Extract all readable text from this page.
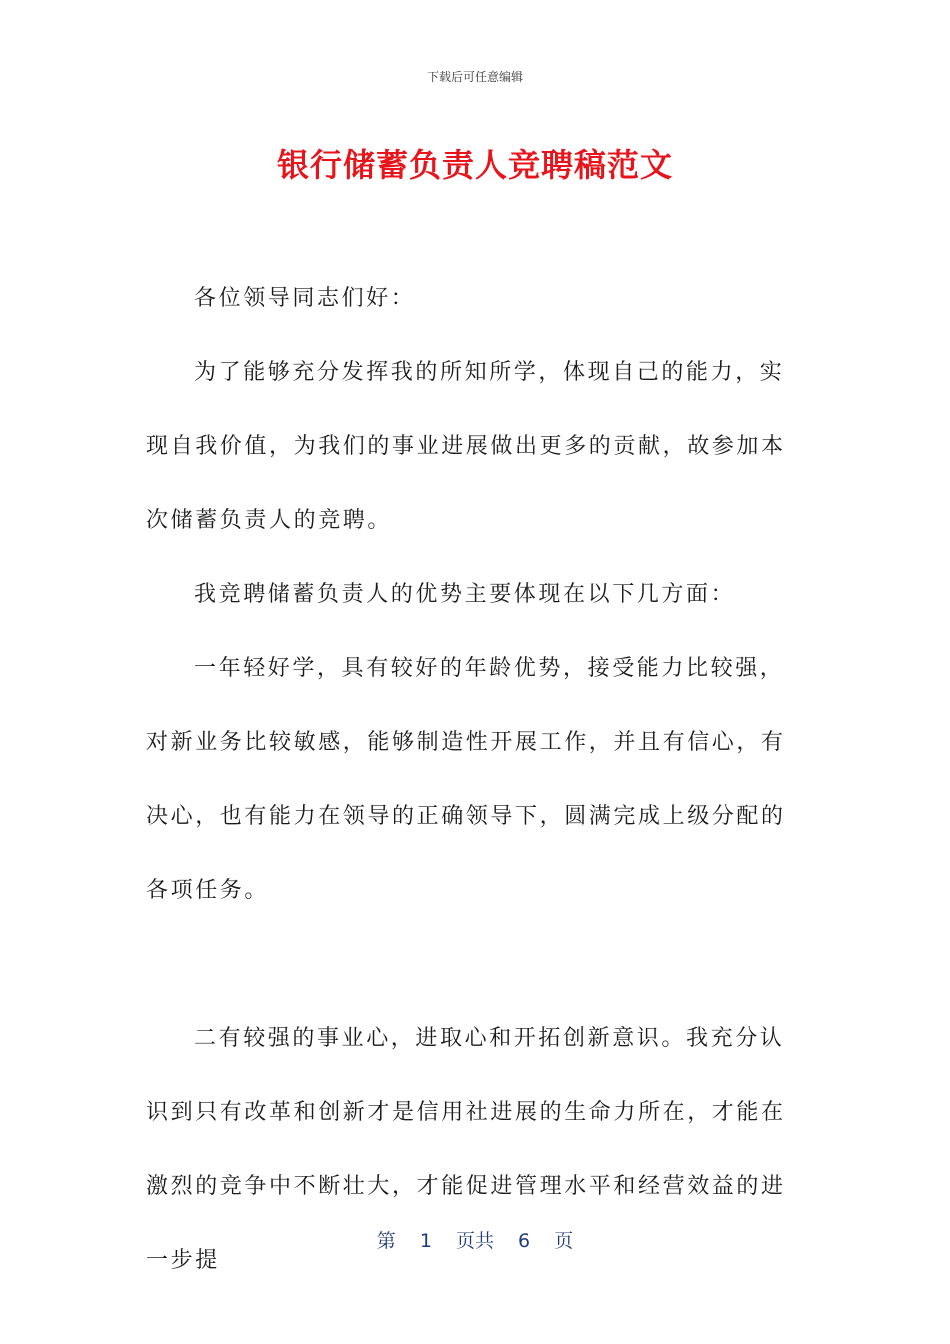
下载后可任意编辑
银行储蓄负责人竞聘稿范文

各位领导同志们好：

为了能够充分发挥我的所知所学，体现自己的能力，实现自我价值，为我们的事业进展做出更多的贡献，故参加本次储蓄负责人的竞聘。

我竞聘储蓄负责人的优势主要体现在以下几方面：

一年轻好学，具有较好的年龄优势，接受能力比较强，对新业务比较敏感，能够制造性开展工作，并且有信心，有决心，也有能力在领导的正确领导下，圆满完成上级分配的各项任务。

二有较强的事业心，进取心和开拓创新意识。我充分认识到只有改革和创新才是信用社进展的生命力所在，才能在激烈的竞争中不断壮大，才能促进管理水平和经营效益的进一步提

第 1 页共 6 页
